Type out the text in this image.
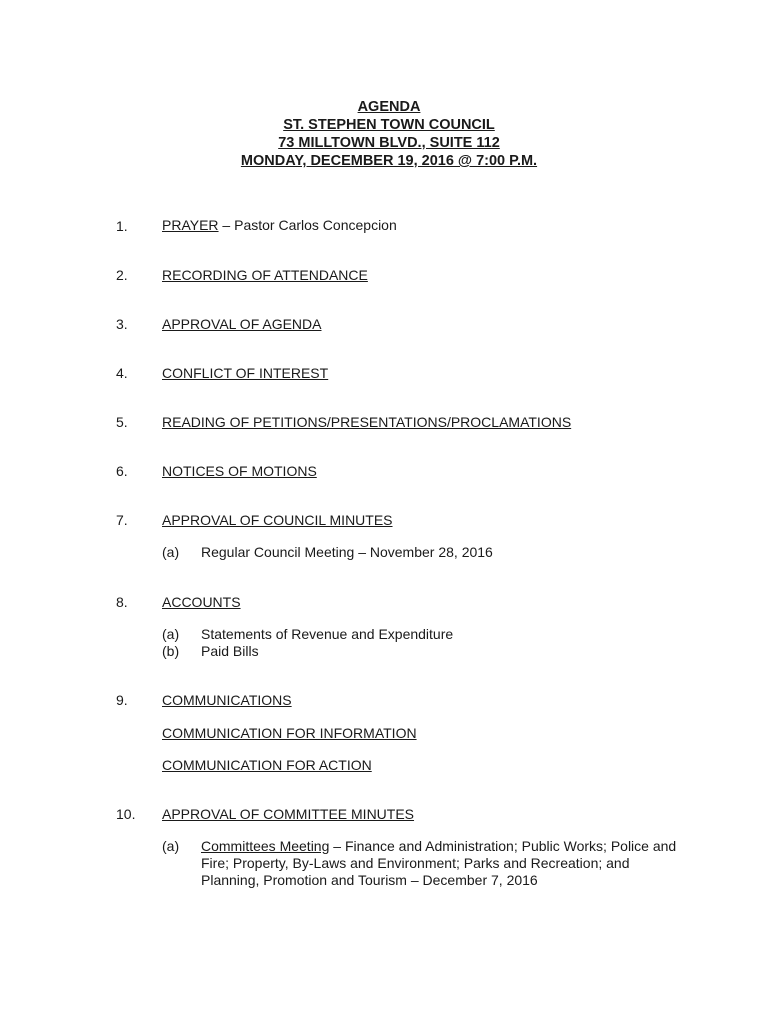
AGENDA
ST. STEPHEN TOWN COUNCIL
73 MILLTOWN BLVD., SUITE 112
MONDAY, DECEMBER 19, 2016 @ 7:00 P.M.
1. PRAYER – Pastor Carlos Concepcion
2. RECORDING OF ATTENDANCE
3. APPROVAL OF AGENDA
4. CONFLICT OF INTEREST
5. READING OF PETITIONS/PRESENTATIONS/PROCLAMATIONS
6. NOTICES OF MOTIONS
7. APPROVAL OF COUNCIL MINUTES
(a) Regular Council Meeting – November 28, 2016
8. ACCOUNTS
(a) Statements of Revenue and Expenditure
(b) Paid Bills
9. COMMUNICATIONS
COMMUNICATION FOR INFORMATION
COMMUNICATION FOR ACTION
10. APPROVAL OF COMMITTEE MINUTES
(a) Committees Meeting – Finance and Administration; Public Works; Police and
Fire; Property, By-Laws and Environment; Parks and Recreation; and
Planning, Promotion and Tourism – December 7, 2016
